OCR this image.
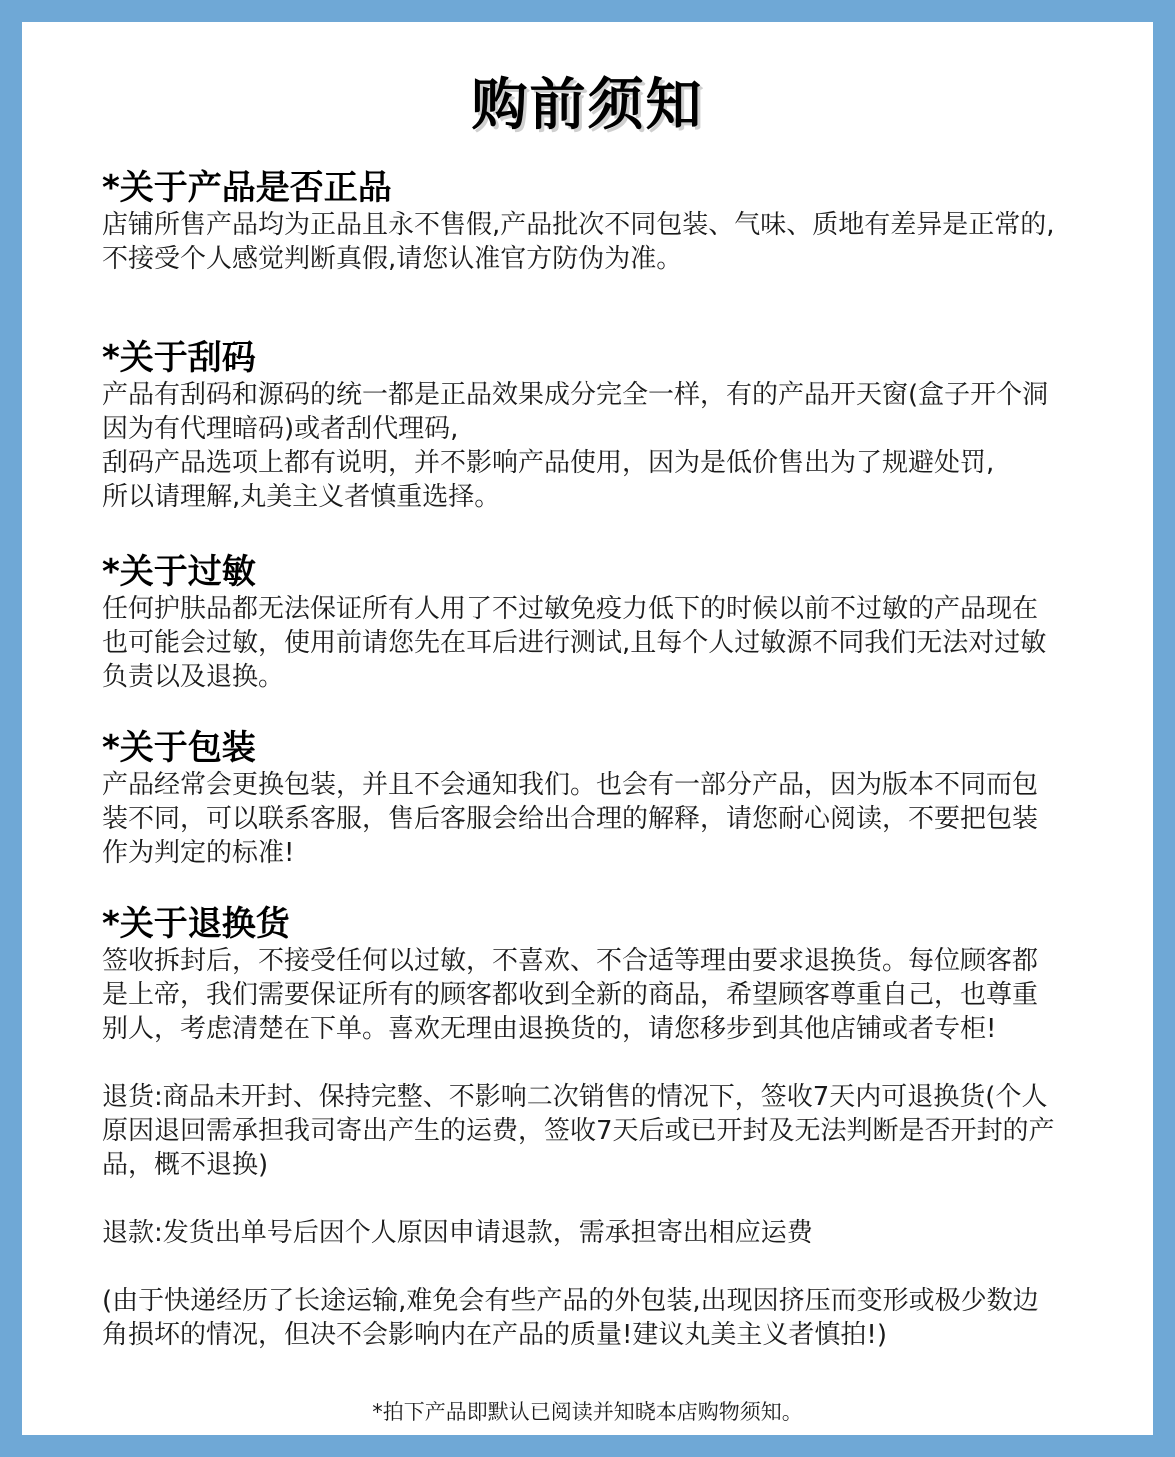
购前须知
*关于产品是否正品
店铺所售产品均为正品且永不售假,产品批次不同包装、气味、质地有差异是正常的,
不接受个人感觉判断真假,请您认准官方防伪为准。
*关于刮码
产品有刮码和源码的统一都是正品效果成分完全一样，有的产品开天窗(盒子开个洞
因为有代理暗码)或者刮代理码,
刮码产品选项上都有说明，并不影响产品使用，因为是低价售出为了规避处罚,
所以请理解,丸美主义者慎重选择。
*关于过敏
任何护肤品都无法保证所有人用了不过敏免疫力低下的时候以前不过敏的产品现在
也可能会过敏，使用前请您先在耳后进行测试,且每个人过敏源不同我们无法对过敏
负责以及退换。
*关于包装
产品经常会更换包装，并且不会通知我们。也会有一部分产品，因为版本不同而包
装不同，可以联系客服，售后客服会给出合理的解释，请您耐心阅读，不要把包装
作为判定的标准!
*关于退换货
签收拆封后，不接受任何以过敏，不喜欢、不合适等理由要求退换货。每位顾客都
是上帝，我们需要保证所有的顾客都收到全新的商品，希望顾客尊重自己，也尊重
别人，考虑清楚在下单。喜欢无理由退换货的，请您移步到其他店铺或者专柜!
退货:商品未开封、保持完整、不影响二次销售的情况下，签收7天内可退换货(个人
原因退回需承担我司寄出产生的运费，签收7天后或已开封及无法判断是否开封的产
品，概不退换)
退款:发货出单号后因个人原因申请退款，需承担寄出相应运费
(由于快递经历了长途运输,难免会有些产品的外包装,出现因挤压而变形或极少数边
角损坏的情况，但决不会影响内在产品的质量!建议丸美主义者慎拍!)
*拍下产品即默认已阅读并知晓本店购物须知。
